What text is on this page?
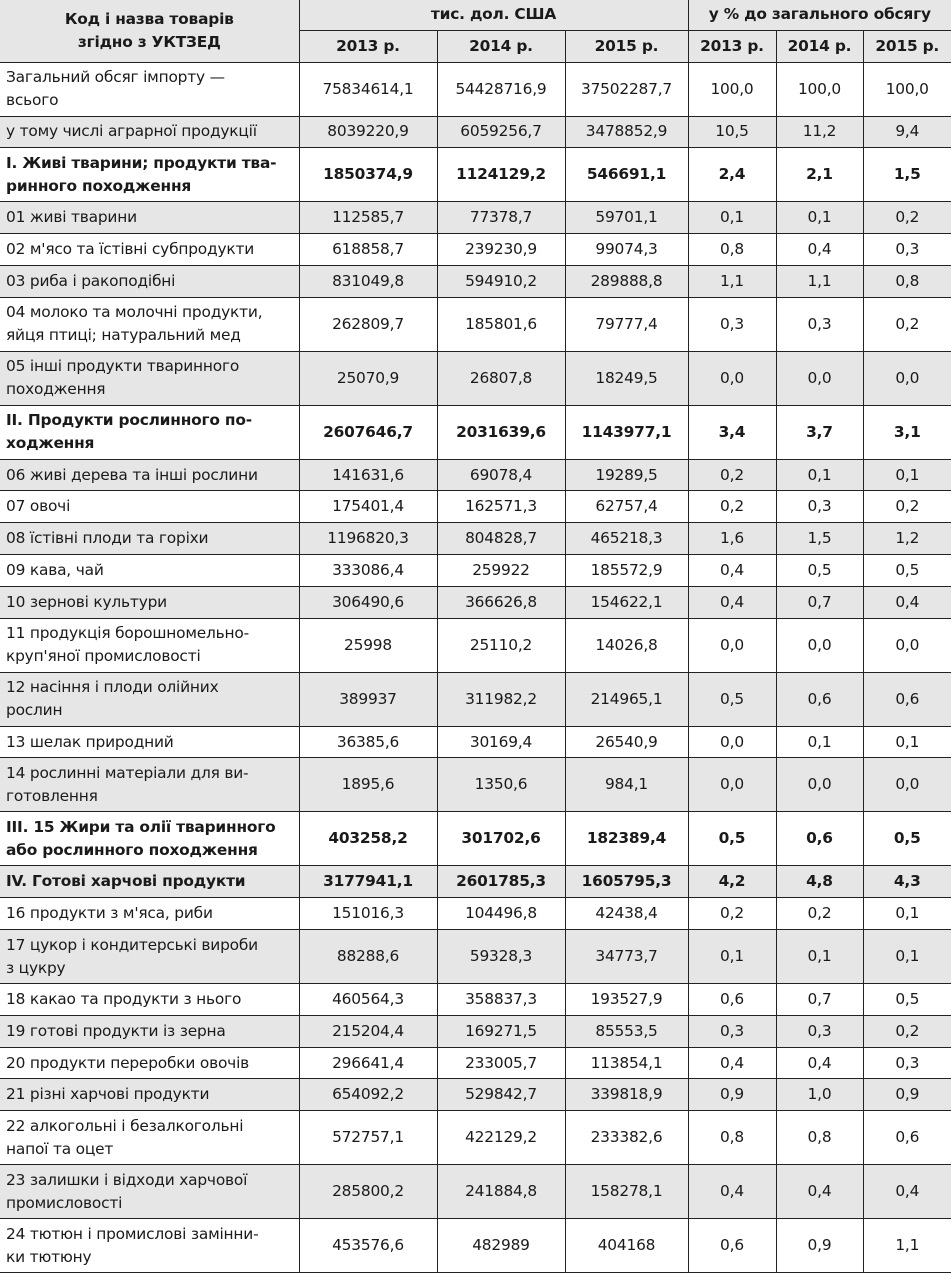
Код і назва товарів
згідно з УКТЗЕД	тис. дол. США			у % до загального обсягу		
	2013 р.	2014 р.	2015 р.	2013 р.	2014 р.	2015 р.

Загальний обсяг імпорту —
всього	75834614,1	54428716,9	37502287,7	100,0	100,0	100,0

у тому числі аграрної продукції	8039220,9	6059256,7	3478852,9	10,5	11,2	9,4

I. Живі тварини; продукти тва-
ринного походження	1850374,9	1124129,2	546691,1	2,4	2,1	1,5

01 живі тварини	112585,7	77378,7	59701,1	0,1	0,1	0,2

02 м'ясо та їстівні субпродукти	618858,7	239230,9	99074,3	0,8	0,4	0,3

03 риба і ракоподібні	831049,8	594910,2	289888,8	1,1	1,1	0,8

04 молоко та молочні продукти,
яйця птиці; натуральний мед	262809,7	185801,6	79777,4	0,3	0,3	0,2

05 інші продукти тваринного
походження	25070,9	26807,8	18249,5	0,0	0,0	0,0

II. Продукти рослинного по-
ходження	2607646,7	2031639,6	1143977,1	3,4	3,7	3,1

06 живі дерева та інші рослини	141631,6	69078,4	19289,5	0,2	0,1	0,1

07 овочі	175401,4	162571,3	62757,4	0,2	0,3	0,2

08 їстівні плоди та горіхи	1196820,3	804828,7	465218,3	1,6	1,5	1,2

09 кава, чай	333086,4	259922	185572,9	0,4	0,5	0,5

10 зернові культури	306490,6	366626,8	154622,1	0,4	0,7	0,4

11 продукція борошномельно-
круп'яної промисловості	25998	25110,2	14026,8	0,0	0,0	0,0

12 насіння і плоди олійних
рослин	389937	311982,2	214965,1	0,5	0,6	0,6

13 шелак природний	36385,6	30169,4	26540,9	0,0	0,1	0,1

14 рослинні матеріали для ви-
готовлення	1895,6	1350,6	984,1	0,0	0,0	0,0

III. 15 Жири та олії тваринного
або рослинного походження	403258,2	301702,6	182389,4	0,5	0,6	0,5

IV. Готові харчові продукти	3177941,1	2601785,3	1605795,3	4,2	4,8	4,3

16 продукти з м'яса, риби	151016,3	104496,8	42438,4	0,2	0,2	0,1

17 цукор і кондитерські вироби
з цукру	88288,6	59328,3	34773,7	0,1	0,1	0,1

18 какао та продукти з нього	460564,3	358837,3	193527,9	0,6	0,7	0,5

19 готові продукти із зерна	215204,4	169271,5	85553,5	0,3	0,3	0,2

20 продукти переробки овочів	296641,4	233005,7	113854,1	0,4	0,4	0,3

21 різні харчові продукти	654092,2	529842,7	339818,9	0,9	1,0	0,9

22 алкогольні і безалкогольні
напої та оцет	572757,1	422129,2	233382,6	0,8	0,8	0,6

23 залишки і відходи харчової
промисловості	285800,2	241884,8	158278,1	0,4	0,4	0,4

24 тютюн і промислові замінни-
ки тютюну	453576,6	482989	404168	0,6	0,9	1,1
